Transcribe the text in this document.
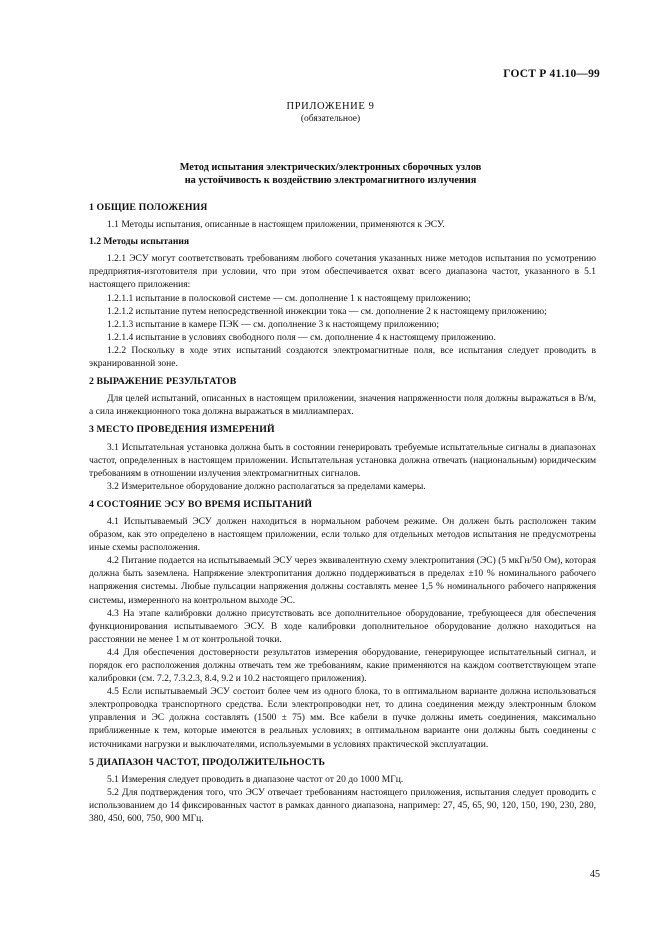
ГОСТ Р 41.10—99
ПРИЛОЖЕНИЕ 9
(обязательное)
Метод испытания электрических/электронных сборочных узлов
на устойчивость к воздействию электромагнитного излучения
1 ОБЩИЕ ПОЛОЖЕНИЯ

1.1 Методы испытания, описанные в настоящем приложении, применяются к ЭСУ.

1.2 Методы испытания

1.2.1 ЭСУ могут соответствовать требованиям любого сочетания указанных ниже методов испытания по усмотрению предприятия-изготовителя при условии, что при этом обеспечивается охват всего диапазона частот, указанного в 5.1 настоящего приложения:

1.2.1.1 испытание в полосковой системе — см. дополнение 1 к настоящему приложению;

1.2.1.2 испытание путем непосредственной инжекции тока — см. дополнение 2 к настоящему приложению;

1.2.1.3 испытание в камере ПЭК — см. дополнение 3 к настоящему приложению;

1.2.1.4 испытание в условиях свободного поля — см. дополнение 4 к настоящему приложению.

1.2.2 Поскольку в ходе этих испытаний создаются электромагнитные поля, все испытания следует проводить в экранированной зоне.

2 ВЫРАЖЕНИЕ РЕЗУЛЬТАТОВ

Для целей испытаний, описанных в настоящем приложении, значения напряженности поля должны выражаться в В/м, а сила инжекционного тока должна выражаться в миллиамперах.

3 МЕСТО ПРОВЕДЕНИЯ ИЗМЕРЕНИЙ

3.1 Испытательная установка должна быть в состоянии генерировать требуемые испытательные сигналы в диапазонах частот, определенных в настоящем приложении. Испытательная установка должна отвечать (национальным) юридическим требованиям в отношении излучения электромагнитных сигналов.

3.2 Измерительное оборудование должно располагаться за пределами камеры.

4 СОСТОЯНИЕ ЭСУ ВО ВРЕМЯ ИСПЫТАНИЙ

4.1 Испытываемый ЭСУ должен находиться в нормальном рабочем режиме. Он должен быть расположен таким образом, как это определено в настоящем приложении, если только для отдельных методов испытания не предусмотрены иные схемы расположения.

4.2 Питание подается на испытываемый ЭСУ через эквивалентную схему электропитания (ЭС) (5 мкГн/50 Ом), которая должна быть заземлена. Напряжение электропитания должно поддерживаться в пределах ±10 % номинального рабочего напряжения системы. Любые пульсации напряжения должны составлять менее 1,5 % номинального рабочего напряжения системы, измеренного на контрольном выходе ЭС.

4.3 На этапе калибровки должно присутствовать все дополнительное оборудование, требующееся для обеспечения функционирования испытываемого ЭСУ. В ходе калибровки дополнительное оборудование должно находиться на расстоянии не менее 1 м от контрольной точки.

4.4 Для обеспечения достоверности результатов измерения оборудование, генерирующее испытательный сигнал, и порядок его расположения должны отвечать тем же требованиям, какие применяются на каждом соответствующем этапе калибровки (см. 7.2, 7.3.2.3, 8.4, 9.2 и 10.2 настоящего приложения).

4.5 Если испытываемый ЭСУ состоит более чем из одного блока, то в оптимальном варианте должна использоваться электропроводка транспортного средства. Если электропроводки нет, то длина соединения между электронным блоком управления и ЭС должна составлять (1500 ± 75) мм. Все кабели в пучке должны иметь соединения, максимально приближенные к тем, которые имеются в реальных условиях; в оптимальном варианте они должны быть соединены с источниками нагрузки и выключателями, используемыми в условиях практической эксплуатации.

5 ДИАПАЗОН ЧАСТОТ, ПРОДОЛЖИТЕЛЬНОСТЬ

5.1 Измерения следует проводить в диапазоне частот от 20 до 1000 МГц.

5.2 Для подтверждения того, что ЭСУ отвечает требованиям настоящего приложения, испытания следует проводить с использованием до 14 фиксированных частот в рамках данного диапазона, например: 27, 45, 65, 90, 120, 150, 190, 230, 280, 380, 450, 600, 750, 900 МГц.

45
